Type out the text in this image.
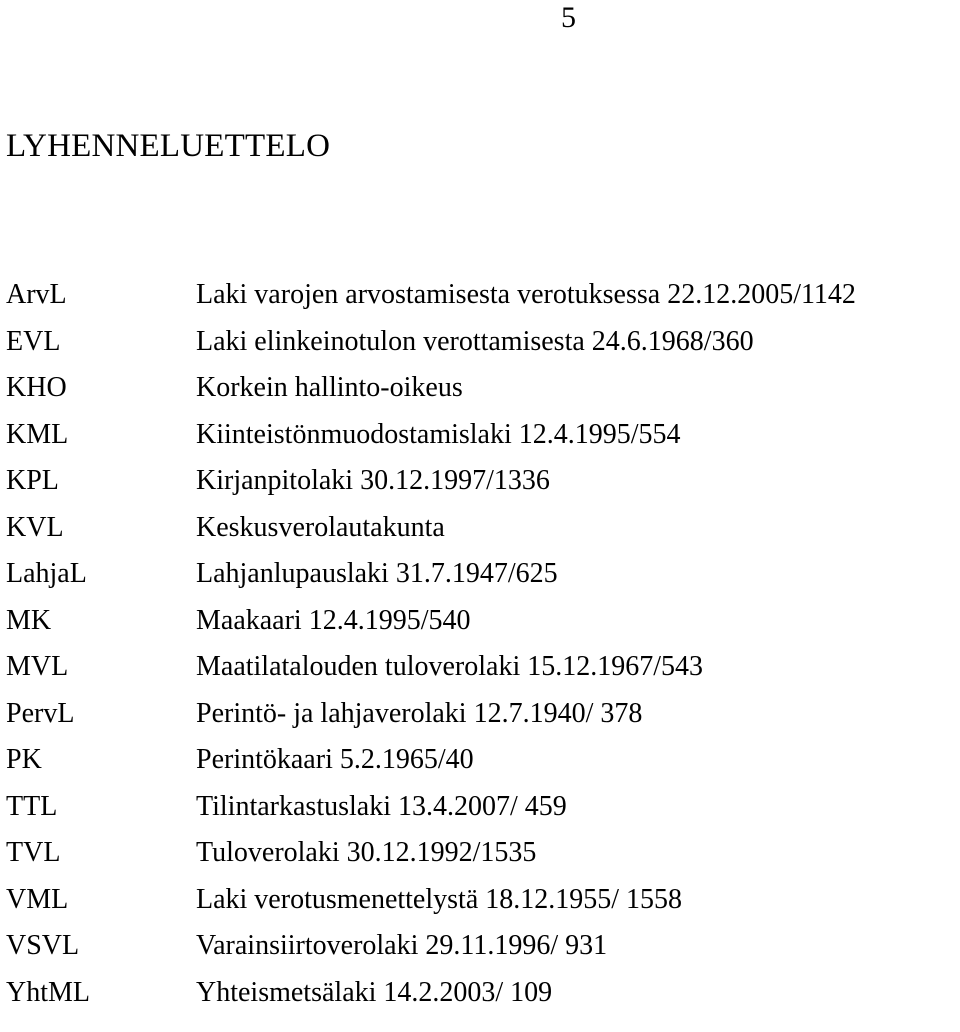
5
LYHENNELUETTELO
ArvL	Laki varojen arvostamisesta verotuksessa 22.12.2005/1142
EVL	Laki elinkeinotulon verottamisesta 24.6.1968/360
KHO	Korkein hallinto-oikeus
KML	Kiinteistönmuodostamislaki 12.4.1995/554
KPL	Kirjanpitolaki 30.12.1997/1336
KVL	Keskusverolautakunta
LahjaL	Lahjanlupauslaki 31.7.1947/625
MK	Maakaari 12.4.1995/540
MVL	Maatilatalouden tuloverolaki 15.12.1967/543
PervL	Perintö- ja lahjaverolaki 12.7.1940/ 378
PK	Perintökaari 5.2.1965/40
TTL	Tilintarkastuslaki 13.4.2007/ 459
TVL	Tuloverolaki 30.12.1992/1535
VML	Laki verotusmenettelystä 18.12.1955/ 1558
VSVL	Varainsiirtoverolaki 29.11.1996/ 931
YhtML	Yhteismetsälaki 14.2.2003/ 109
